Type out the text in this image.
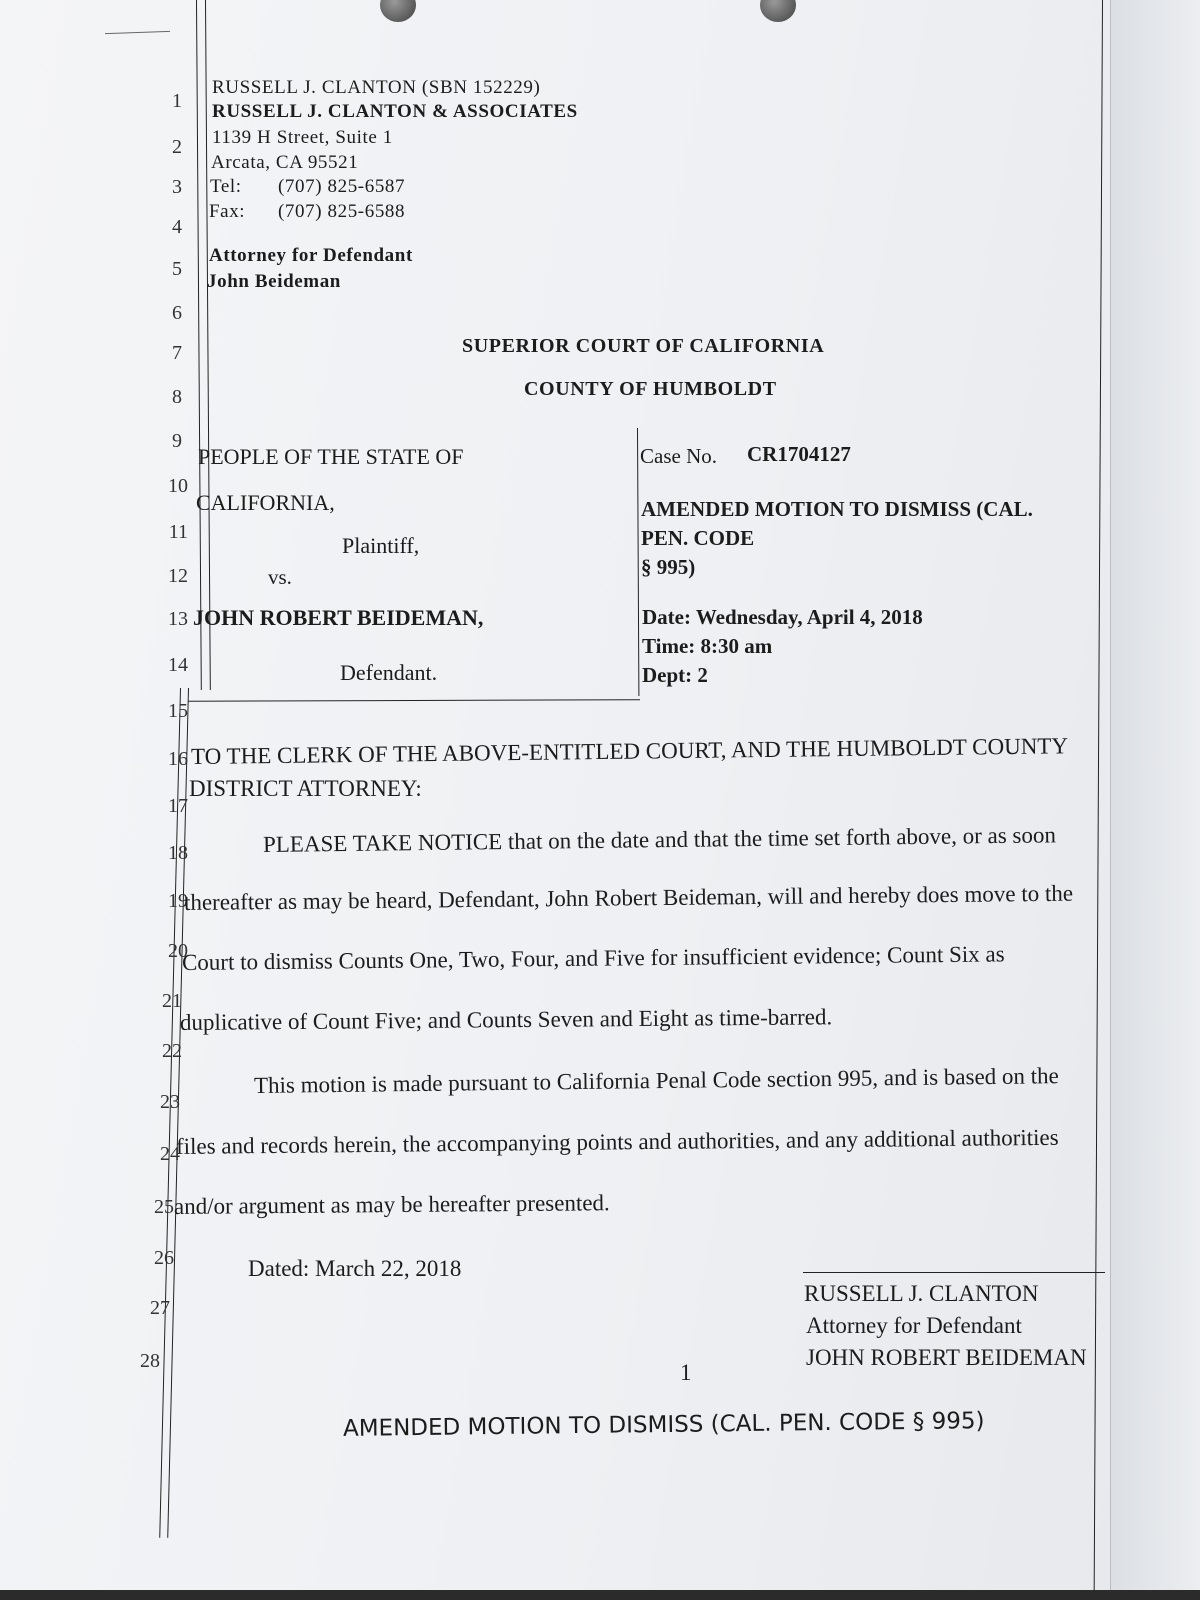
1
2
3
4
5
6
7
8
9
10
11
12
13
14
15
16
17
18
19
20
21
22
23
24
25
26
27
28
RUSSELL J. CLANTON (SBN 152229)
RUSSELL J. CLANTON & ASSOCIATES
1139 H Street, Suite 1
Arcata, CA 95521
Tel: (707) 825-6587
Fax: (707) 825-6588
Attorney for Defendant
John Beideman
SUPERIOR COURT OF CALIFORNIA
COUNTY OF HUMBOLDT
PEOPLE OF THE STATE OF
CALIFORNIA,
Plaintiff,
vs.
JOHN ROBERT BEIDEMAN,
Defendant.
Case No. CR1704127
AMENDED MOTION TO DISMISS (CAL.
PEN. CODE
§ 995)
Date: Wednesday, April 4, 2018
Time: 8:30 am
Dept: 2
TO THE CLERK OF THE ABOVE-ENTITLED COURT, AND THE HUMBOLDT COUNTY
DISTRICT ATTORNEY:
PLEASE TAKE NOTICE that on the date and that the time set forth above, or as soon
thereafter as may be heard, Defendant, John Robert Beideman, will and hereby does move to the
Court to dismiss Counts One, Two, Four, and Five for insufficient evidence; Count Six as
duplicative of Count Five; and Counts Seven and Eight as time-barred.
This motion is made pursuant to California Penal Code section 995, and is based on the
files and records herein, the accompanying points and authorities, and any additional authorities
and/or argument as may be hereafter presented.
Dated: March 22, 2018
RUSSELL J. CLANTON
Attorney for Defendant
JOHN ROBERT BEIDEMAN
1
AMENDED MOTION TO DISMISS (CAL. PEN. CODE § 995)
